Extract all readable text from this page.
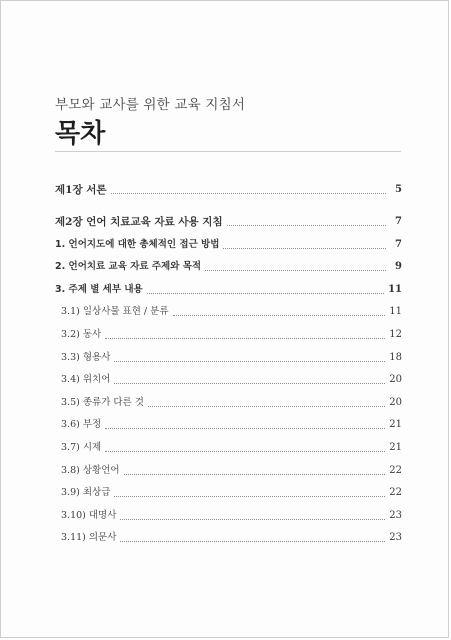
부모와 교사를 위한 교육 지침서
목차
제1장 서론	5
제2장 언어 치료교육 자료 사용 지침	7
1. 언어지도에 대한 총체적인 접근 방법	7
2. 언어치료 교육 자료 주제와 목적	9
3. 주제 별 세부 내용	11
3.1) 일상사물 표현 / 분류	11
3.2) 동사	12
3.3) 형용사	18
3.4) 위치어	20
3.5) 종류가 다른 것	20
3.6) 부정	21
3.7) 시제	21
3.8) 상황언어	22
3.9) 최상급	22
3.10) 대명사	23
3.11) 의문사	23
